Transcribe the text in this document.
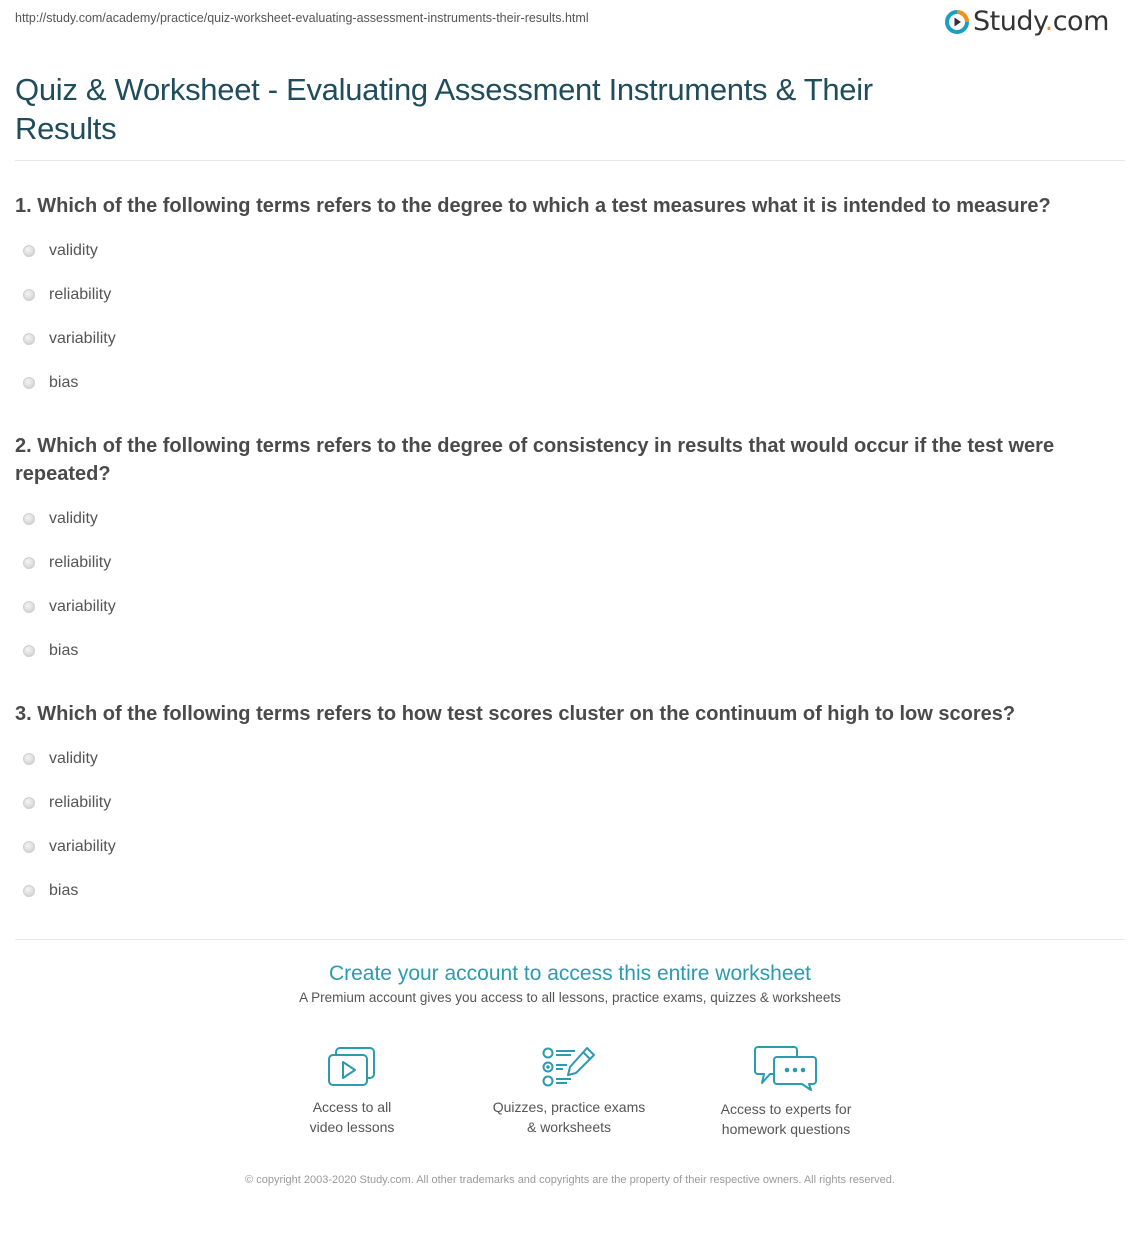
http://study.com/academy/practice/quiz-worksheet-evaluating-assessment-instruments-their-results.html	Study.com
Quiz & Worksheet - Evaluating Assessment Instruments & Their Results

1. Which of the following terms refers to the degree to which a test measures what it is intended to measure?

validity
reliability
variability
bias

2. Which of the following terms refers to the degree of consistency in results that would occur if the test were repeated?

validity
reliability
variability
bias

3. Which of the following terms refers to how test scores cluster on the continuum of high to low scores?

validity
reliability
variability
bias
Create your account to access this entire worksheet
A Premium account gives you access to all lessons, practice exams, quizzes & worksheets
Access to all
video lessons
Quizzes, practice exams
& worksheets
Access to experts for
homework questions
© copyright 2003-2020 Study.com. All other trademarks and copyrights are the property of their respective owners. All rights reserved.
